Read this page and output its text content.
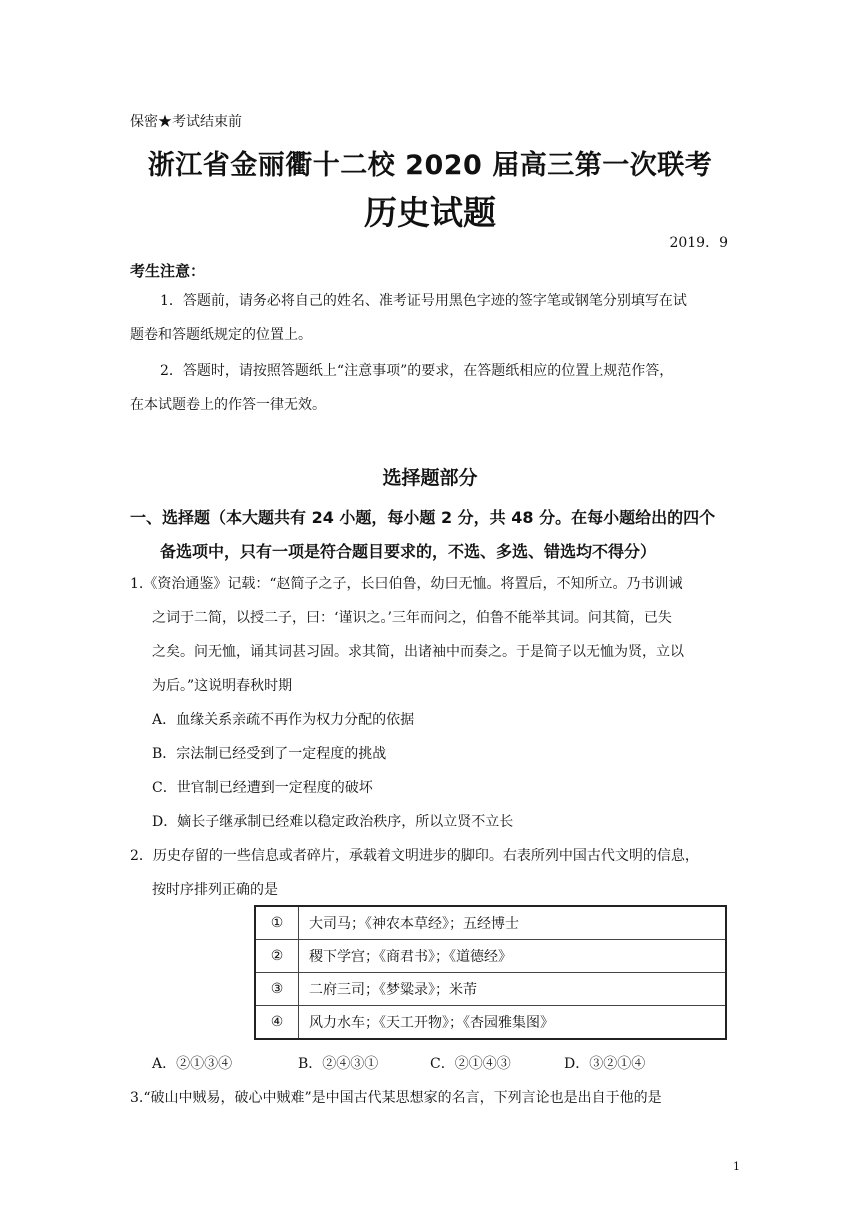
保密★考试结束前
浙江省金丽衢十二校 2020 届高三第一次联考
历史试题
2019．9
考生注意：
1．答题前，请务必将自己的姓名、准考证号用黑色字迹的签字笔或钢笔分别填写在试
题卷和答题纸规定的位置上。
2．答题时，请按照答题纸上“注意事项”的要求，在答题纸相应的位置上规范作答，
在本试题卷上的作答一律无效。
选择题部分
一、选择题（本大题共有 24 小题，每小题 2 分，共 48 分。在每小题给出的四个
备选项中，只有一项是符合题目要求的，不选、多选、错选均不得分）
1.《资治通鉴》记载：“赵简子之子，长曰伯鲁，幼曰无恤。将置后，不知所立。乃书训诫
之词于二简，以授二子，曰：‘谨识之。’三年而问之，伯鲁不能举其词。问其简，已失
之矣。问无恤，诵其词甚习固。求其简，出诸袖中而奏之。于是简子以无恤为贤，立以
为后。”这说明春秋时期
A．血缘关系亲疏不再作为权力分配的依据
B．宗法制已经受到了一定程度的挑战
C．世官制已经遭到一定程度的破坏
D．嫡长子继承制已经难以稳定政治秩序，所以立贤不立长
2．历史存留的一些信息或者碎片，承载着文明进步的脚印。右表所列中国古代文明的信息，
按时序排列正确的是
①	大司马；《神农本草经》；五经博士
②	稷下学宫；《商君书》；《道德经》
③	二府三司；《梦粱录》；米芾
④	风力水车；《天工开物》；《杏园雅集图》
A．②①③④	B．②④③①	C．②①④③	D．③②①④
3.“破山中贼易，破心中贼难”是中国古代某思想家的名言，下列言论也是出自于他的是
1
